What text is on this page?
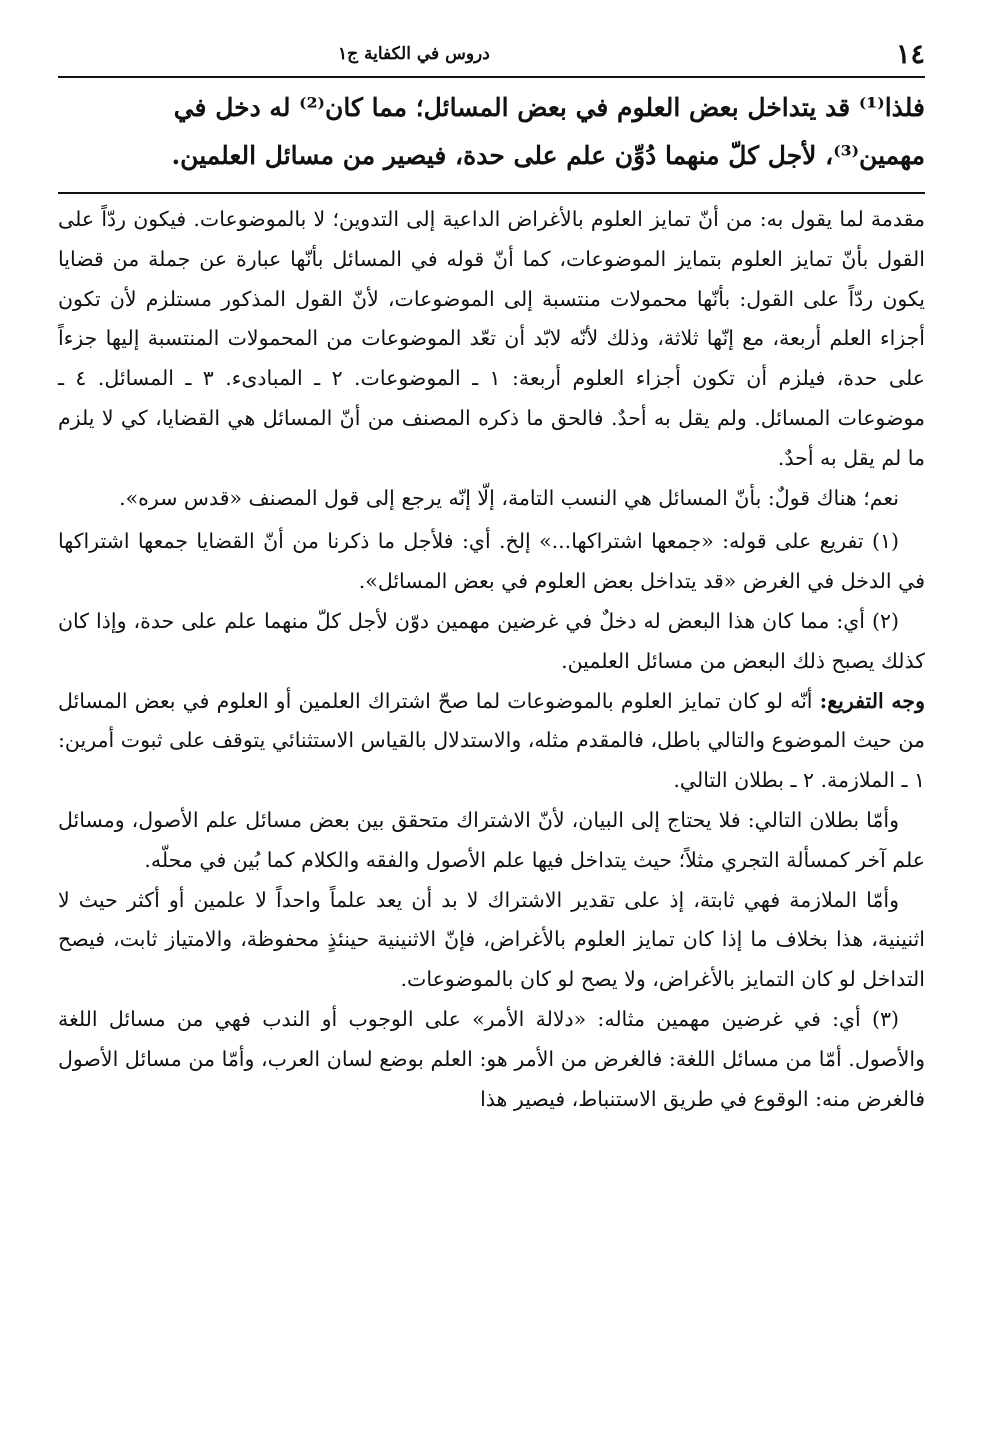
١٤
دروس في الكفاية ج١
فلذا⁽¹⁾ قد يتداخل بعض العلوم في بعض المسائل؛ مما كان⁽²⁾ له دخل في
مهمين⁽³⁾، لأجل كلّ منهما دُوِّن علم على حدة، فيصير من مسائل العلمين.

مقدمة لما يقول به: من أنّ تمايز العلوم بالأغراض الداعية إلى التدوين؛ لا بالموضوعات. فيكون ردّاً على القول بأنّ تمايز العلوم بتمايز الموضوعات، كما أنّ قوله في المسائل بأنّها عبارة عن جملة من قضايا يكون ردّاً على القول: بأنّها محمولات منتسبة إلى الموضوعات، لأنّ القول المذكور مستلزم لأن تكون أجزاء العلم أربعة، مع إنّها ثلاثة، وذلك لأنّه لابّد أن تعّد الموضوعات من المحمولات المنتسبة إليها جزءاً على حدة، فيلزم أن تكون أجزاء العلوم أربعة: ١ ـ الموضوعات. ٢ ـ المبادىء. ٣ ـ المسائل. ٤ ـ موضوعات المسائل. ولم يقل به أحدٌ. فالحق ما ذكره المصنف من أنّ المسائل هي القضايا، كي لا يلزم ما لم يقل به أحدٌ.

نعم؛ هناك قولٌ: بأنّ المسائل هي النسب التامة، إلّا إنّه يرجع إلى قول المصنف «قدس سره».

(١) تفريع على قوله: «جمعها اشتراكها...» إلخ. أي: فلأجل ما ذكرنا من أنّ القضايا جمعها اشتراكها في الدخل في الغرض «قد يتداخل بعض العلوم في بعض المسائل».

(٢) أي: مما كان هذا البعض له دخلٌ في غرضين مهمين دوّن لأجل كلّ منهما علم على حدة، وإذا كان كذلك يصبح ذلك البعض من مسائل العلمين.

وجه التفريع: أنّه لو كان تمايز العلوم بالموضوعات لما صحّ اشتراك العلمين أو العلوم في بعض المسائل من حيث الموضوع والتالي باطل، فالمقدم مثله، والاستدلال بالقياس الاستثنائي يتوقف على ثبوت أمرين: ١ ـ الملازمة. ٢ ـ بطلان التالي.

وأمّا بطلان التالي: فلا يحتاج إلى البيان، لأنّ الاشتراك متحقق بين بعض مسائل علم الأصول، ومسائل علم آخر كمسألة التجري مثلاً؛ حيث يتداخل فيها علم الأصول والفقه والكلام كما بُين في محلّه.

وأمّا الملازمة فهي ثابتة، إذ على تقدير الاشتراك لا بد أن يعد علماً واحداً لا علمين أو أكثر حيث لا اثنينية، هذا بخلاف ما إذا كان تمايز العلوم بالأغراض، فإنّ الاثنينية حينئذٍ محفوظة، والامتياز ثابت، فيصح التداخل لو كان التمايز بالأغراض، ولا يصح لو كان بالموضوعات.

(٣) أي: في غرضين مهمين مثاله: «دلالة الأمر» على الوجوب أو الندب فهي من مسائل اللغة والأصول. أمّا من مسائل اللغة: فالغرض من الأمر هو: العلم بوضع لسان العرب، وأمّا من مسائل الأصول فالغرض منه: الوقوع في طريق الاستنباط، فيصير هذا
